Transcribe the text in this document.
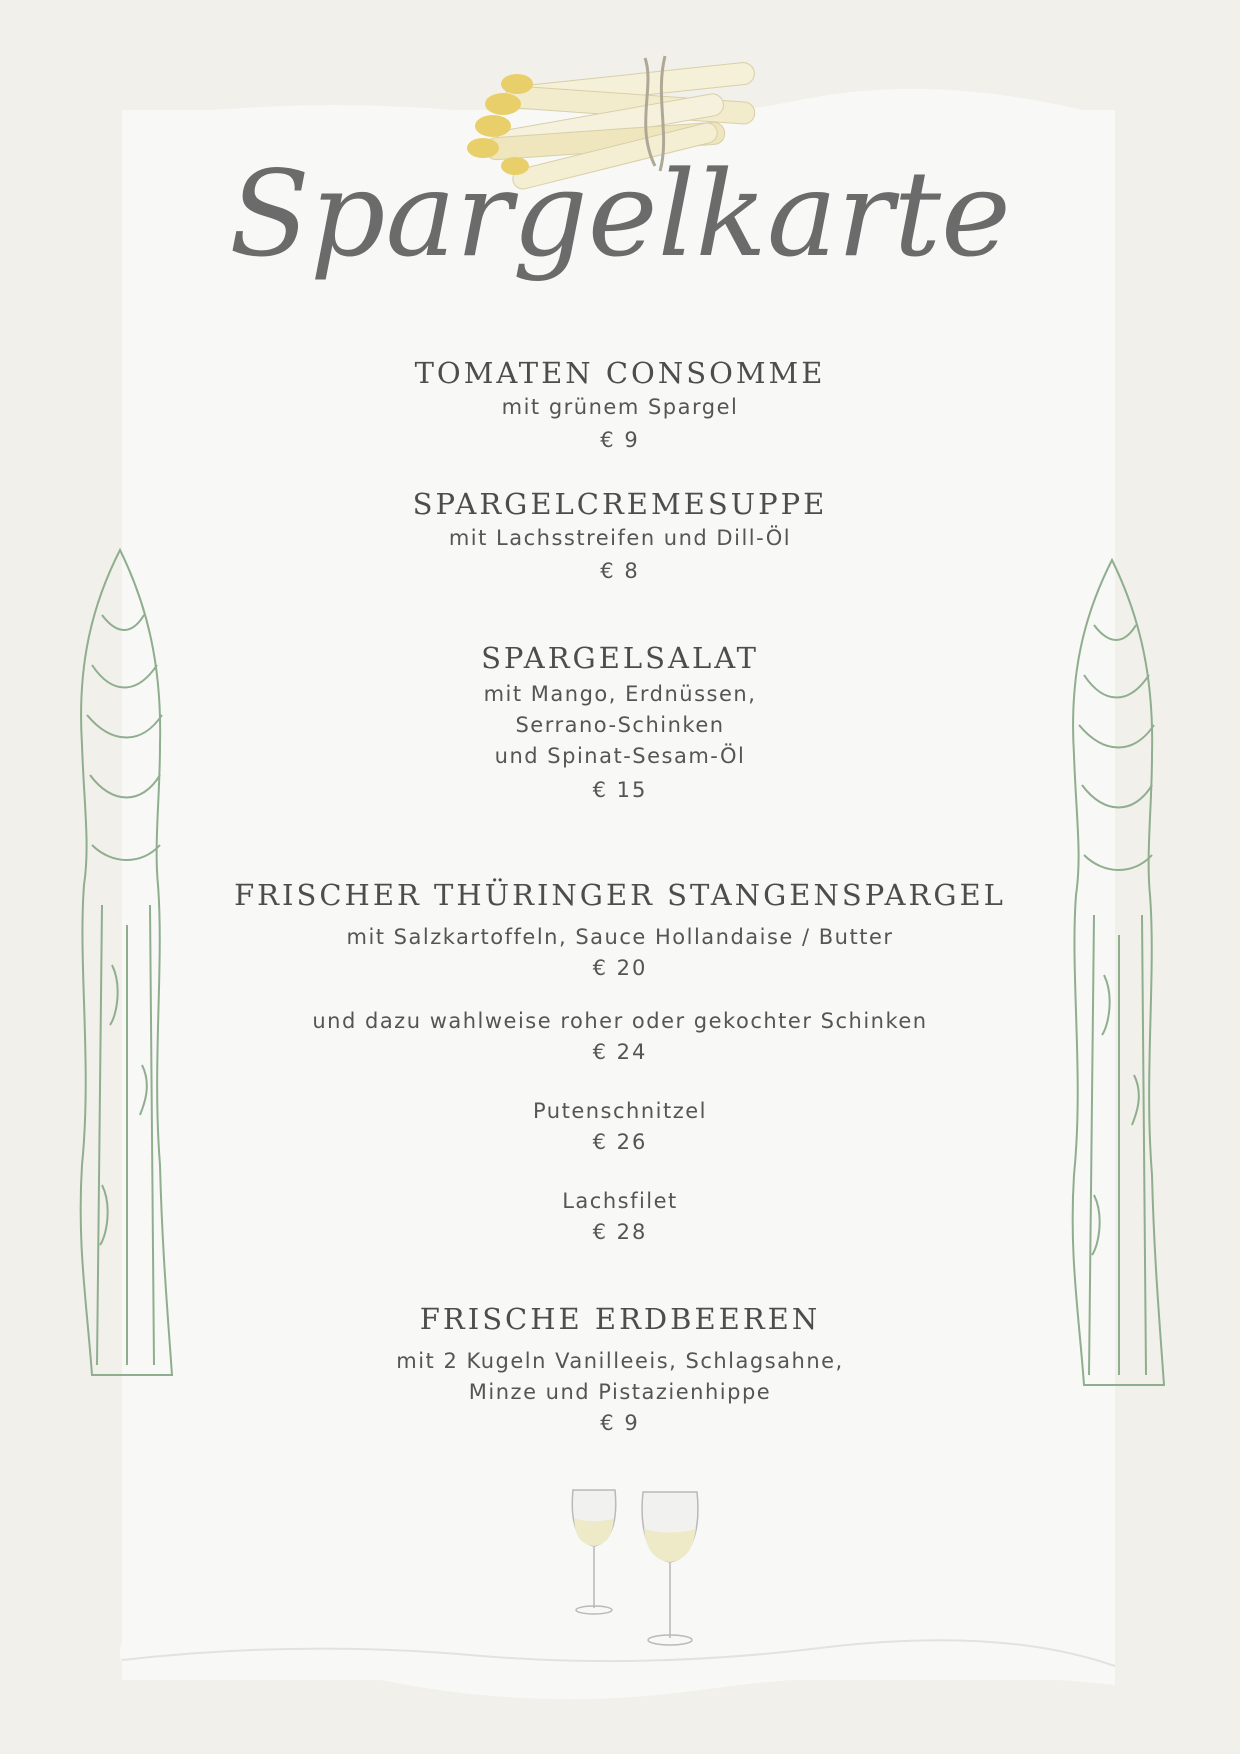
Spargelkarte

TOMATEN CONSOMME

mit grünem Spargel

€ 9

SPARGELCREMESUPPE

mit Lachsstreifen und Dill-Öl

€ 8

SPARGELSALAT

mit Mango, Erdnüssen,

Serrano-Schinken

und Spinat-Sesam-Öl

€ 15

FRISCHER THÜRINGER STANGENSPARGEL

mit Salzkartoffeln, Sauce Hollandaise / Butter

€ 20

und dazu wahlweise roher oder gekochter Schinken

€ 24

Putenschnitzel

€ 26

Lachsfilet

€ 28

FRISCHE ERDBEEREN

mit 2 Kugeln Vanilleeis, Schlagsahne,

Minze und Pistazienhippe

€ 9
